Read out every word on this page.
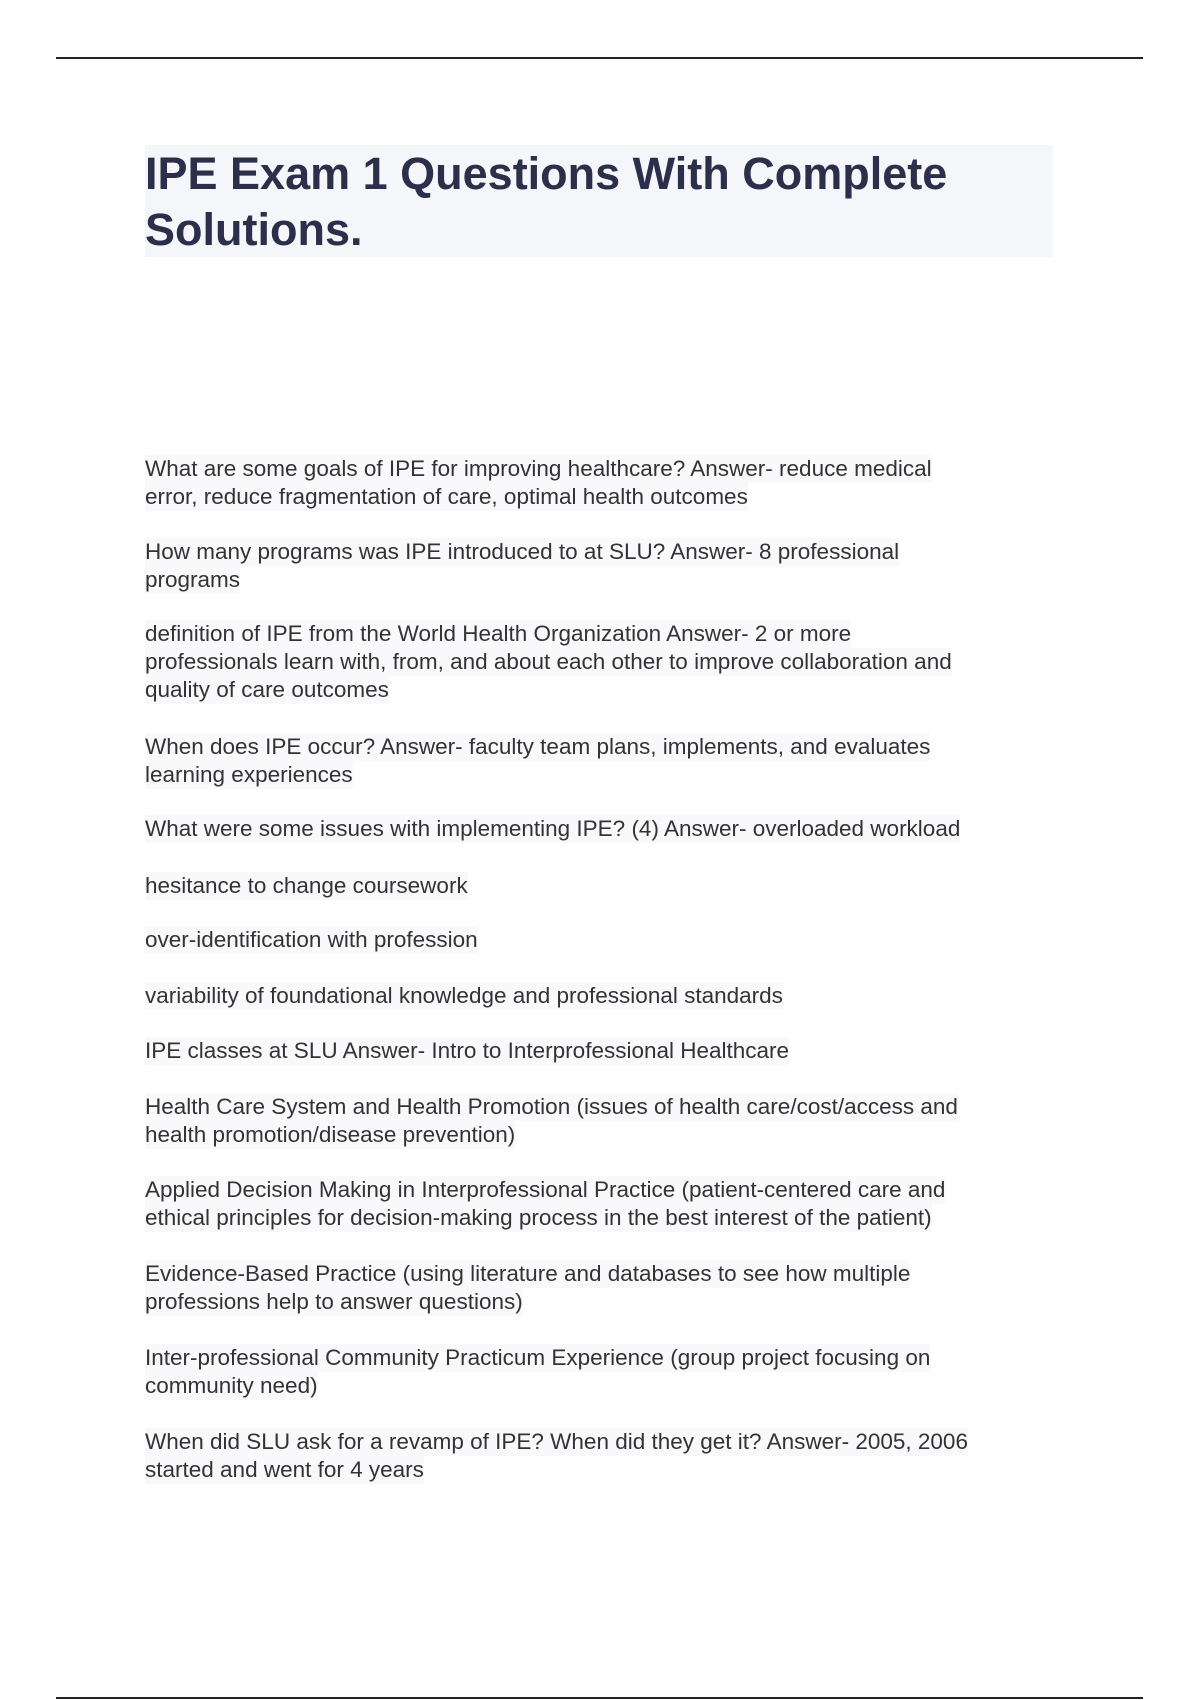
IPE Exam 1 Questions With Complete
Solutions.
What are some goals of IPE for improving healthcare? Answer- reduce medical
error, reduce fragmentation of care, optimal health outcomes
How many programs was IPE introduced to at SLU? Answer- 8 professional
programs
definition of IPE from the World Health Organization Answer- 2 or more
professionals learn with, from, and about each other to improve collaboration and
quality of care outcomes
When does IPE occur? Answer- faculty team plans, implements, and evaluates
learning experiences
What were some issues with implementing IPE? (4) Answer- overloaded workload
hesitance to change coursework
over-identification with profession
variability of foundational knowledge and professional standards
IPE classes at SLU Answer- Intro to Interprofessional Healthcare
Health Care System and Health Promotion (issues of health care/cost/access and
health promotion/disease prevention)
Applied Decision Making in Interprofessional Practice (patient-centered care and
ethical principles for decision-making process in the best interest of the patient)
Evidence-Based Practice (using literature and databases to see how multiple
professions help to answer questions)
Inter-professional Community Practicum Experience (group project focusing on
community need)
When did SLU ask for a revamp of IPE? When did they get it? Answer- 2005, 2006
started and went for 4 years
